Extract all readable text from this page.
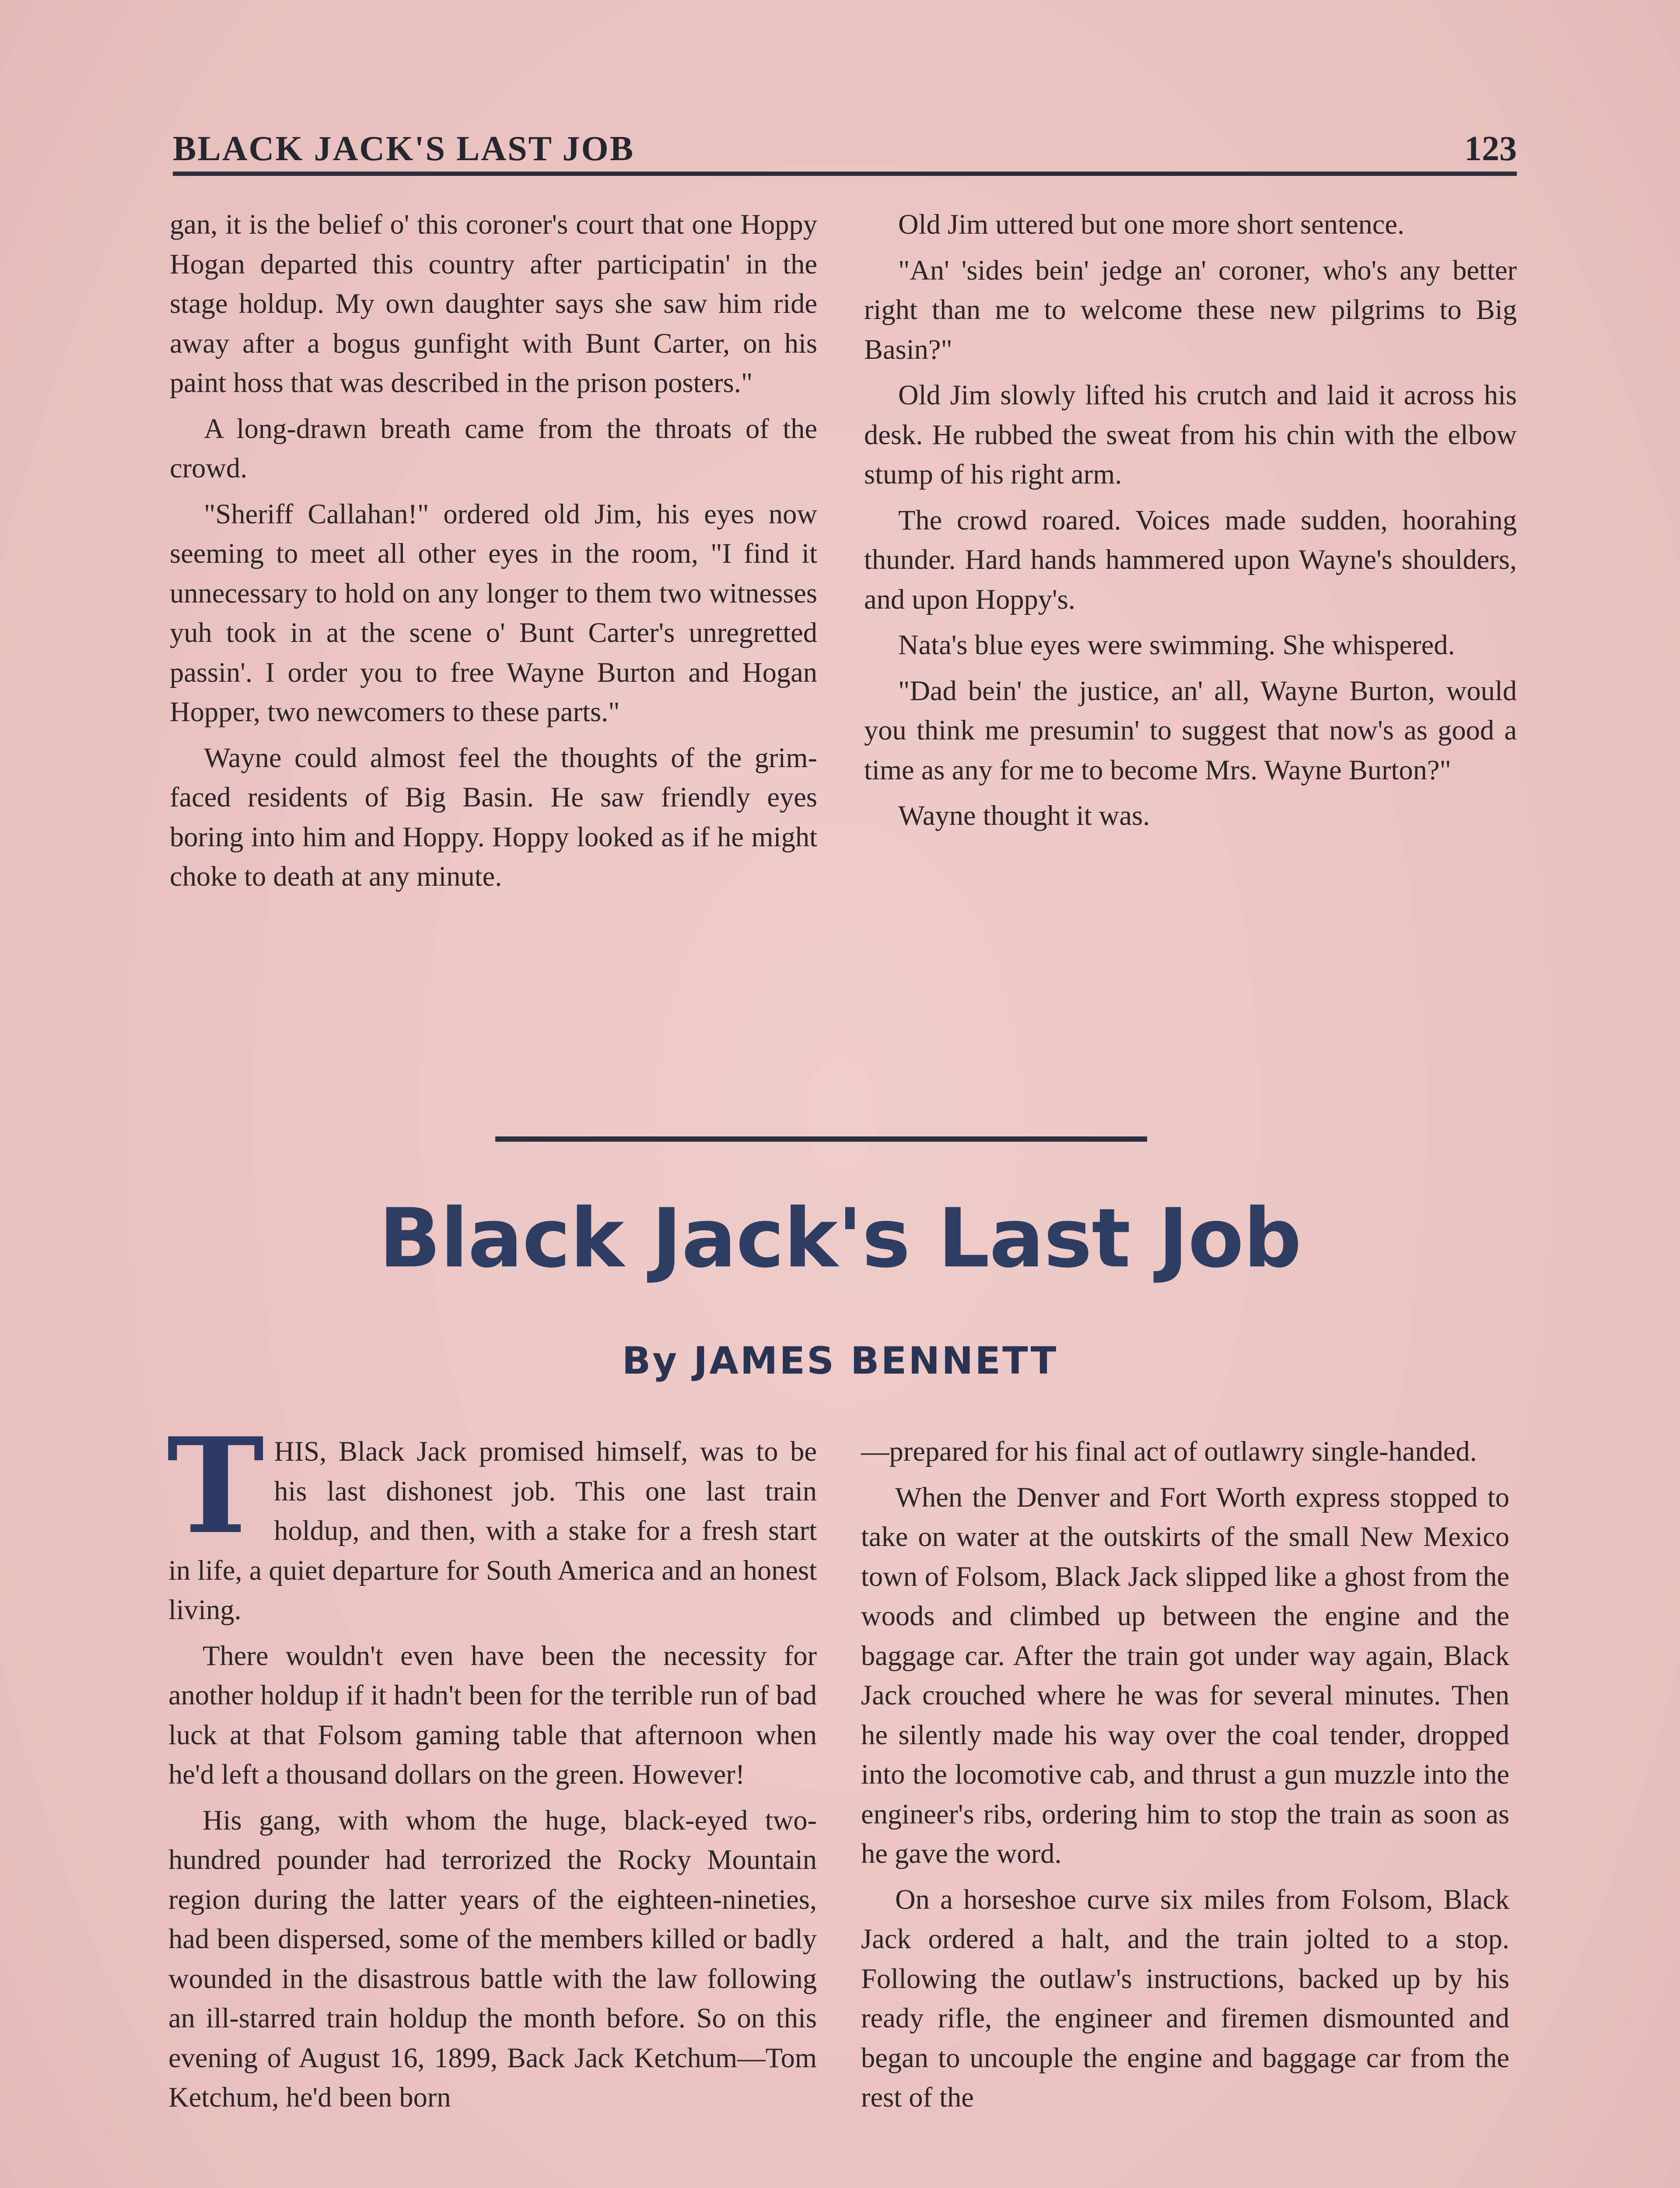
BLACK JACK'S LAST JOB	123

gan, it is the belief o' this coroner's court that one Hoppy Hogan departed this country after participatin' in the stage holdup. My own daughter says she saw him ride away after a bogus gunfight with Bunt Carter, on his paint hoss that was described in the prison posters."

A long-drawn breath came from the throats of the crowd.

"Sheriff Callahan!" ordered old Jim, his eyes now seeming to meet all other eyes in the room, "I find it unnecessary to hold on any longer to them two witnesses yuh took in at the scene o' Bunt Carter's unregretted passin'. I order you to free Wayne Burton and Hogan Hopper, two newcomers to these parts."

Wayne could almost feel the thoughts of the grim-faced residents of Big Basin. He saw friendly eyes boring into him and Hoppy. Hoppy looked as if he might choke to death at any minute.

Old Jim uttered but one more short sentence.

"An' 'sides bein' jedge an' coroner, who's any better right than me to welcome these new pilgrims to Big Basin?"

Old Jim slowly lifted his crutch and laid it across his desk. He rubbed the sweat from his chin with the elbow stump of his right arm.

The crowd roared. Voices made sudden, hoorahing thunder. Hard hands hammered upon Wayne's shoulders, and upon Hoppy's.

Nata's blue eyes were swimming. She whispered.

"Dad bein' the justice, an' all, Wayne Burton, would you think me presumin' to suggest that now's as good a time as any for me to become Mrs. Wayne Burton?"

Wayne thought it was.

Black Jack's Last Job
By JAMES BENNETT

THIS, Black Jack promised himself, was to be his last dishonest job. This one last train holdup, and then, with a stake for a fresh start in life, a quiet departure for South America and an honest living.

There wouldn't even have been the necessity for another holdup if it hadn't been for the terrible run of bad luck at that Folsom gaming table that afternoon when he'd left a thousand dollars on the green. However!

His gang, with whom the huge, black-eyed two-hundred pounder had terrorized the Rocky Mountain region during the latter years of the eighteen-nineties, had been dispersed, some of the members killed or badly wounded in the disastrous battle with the law following an ill-starred train holdup the month before. So on this evening of August 16, 1899, Back Jack Ketchum—Tom Ketchum, he'd been born

—prepared for his final act of outlawry single-handed.

When the Denver and Fort Worth express stopped to take on water at the outskirts of the small New Mexico town of Folsom, Black Jack slipped like a ghost from the woods and climbed up between the engine and the baggage car. After the train got under way again, Black Jack crouched where he was for several minutes. Then he silently made his way over the coal tender, dropped into the locomotive cab, and thrust a gun muzzle into the engineer's ribs, ordering him to stop the train as soon as he gave the word.

On a horseshoe curve six miles from Folsom, Black Jack ordered a halt, and the train jolted to a stop. Following the outlaw's instructions, backed up by his ready rifle, the engineer and firemen dismounted and began to uncouple the engine and baggage car from the rest of the
